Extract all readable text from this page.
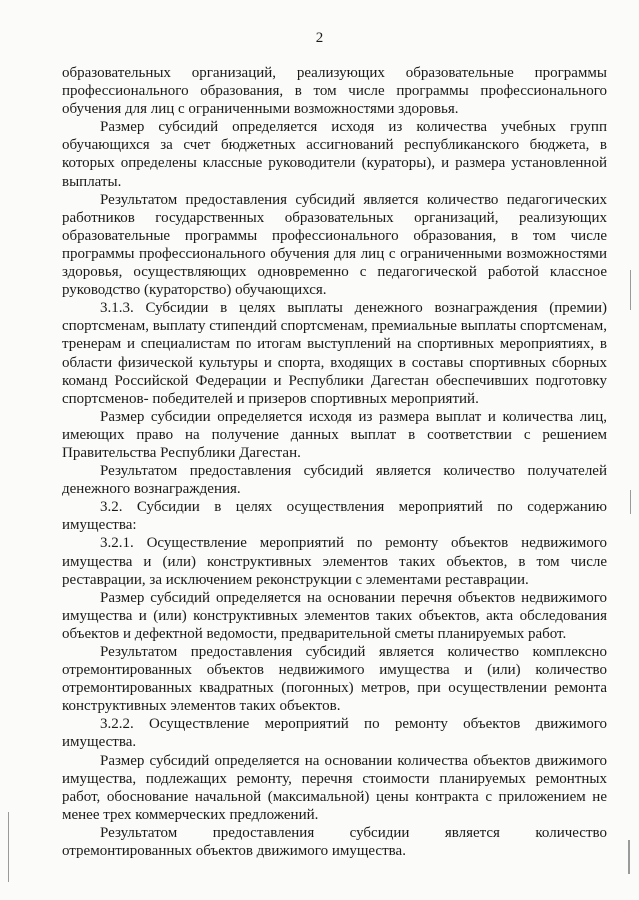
2

образовательных организаций, реализующих образовательные программы профессионального образования, в том числе программы профессионального обучения для лиц с ограниченными возможностями здоровья.

Размер субсидий определяется исходя из количества учебных групп обучающихся за счет бюджетных ассигнований республиканского бюджета, в которых определены классные руководители (кураторы), и размера установленной выплаты.

Результатом предоставления субсидий является количество педагогических работников государственных образовательных организаций, реализующих образовательные программы профессионального образования, в том числе программы профессионального обучения для лиц с ограниченными возможностями здоровья, осуществляющих одновременно с педагогической работой классное руководство (кураторство) обучающихся.

3.1.3. Субсидии в целях выплаты денежного вознаграждения (премии) спортсменам, выплату стипендий спортсменам, премиальные выплаты спортсменам, тренерам и специалистам по итогам выступлений на спортивных мероприятиях, в области физической культуры и спорта, входящих в составы спортивных сборных команд Российской Федерации и Республики Дагестан обеспечивших подготовку спортсменов- победителей и призеров спортивных мероприятий.

Размер субсидии определяется исходя из размера выплат и количества лиц, имеющих право на получение данных выплат в соответствии с решением Правительства Республики Дагестан.

Результатом предоставления субсидий является количество получателей денежного вознаграждения.

3.2. Субсидии в целях осуществления мероприятий по содержанию имущества:

3.2.1. Осуществление мероприятий по ремонту объектов недвижимого имущества и (или) конструктивных элементов таких объектов, в том числе реставрации, за исключением реконструкции с элементами реставрации.

Размер субсидий определяется на основании перечня объектов недвижимого имущества и (или) конструктивных элементов таких объектов, акта обследования объектов и дефектной ведомости, предварительной сметы планируемых работ.

Результатом предоставления субсидий является количество комплексно отремонтированных объектов недвижимого имущества и (или) количество отремонтированных квадратных (погонных) метров, при осуществлении ремонта конструктивных элементов таких объектов.

3.2.2. Осуществление мероприятий по ремонту объектов движимого имущества.

Размер субсидий определяется на основании количества объектов движимого имущества, подлежащих ремонту, перечня стоимости планируемых ремонтных работ, обоснование начальной (максимальной) цены контракта с приложением не менее трех коммерческих предложений.

Результатом предоставления субсидии является количество отремонтированных объектов движимого имущества.
